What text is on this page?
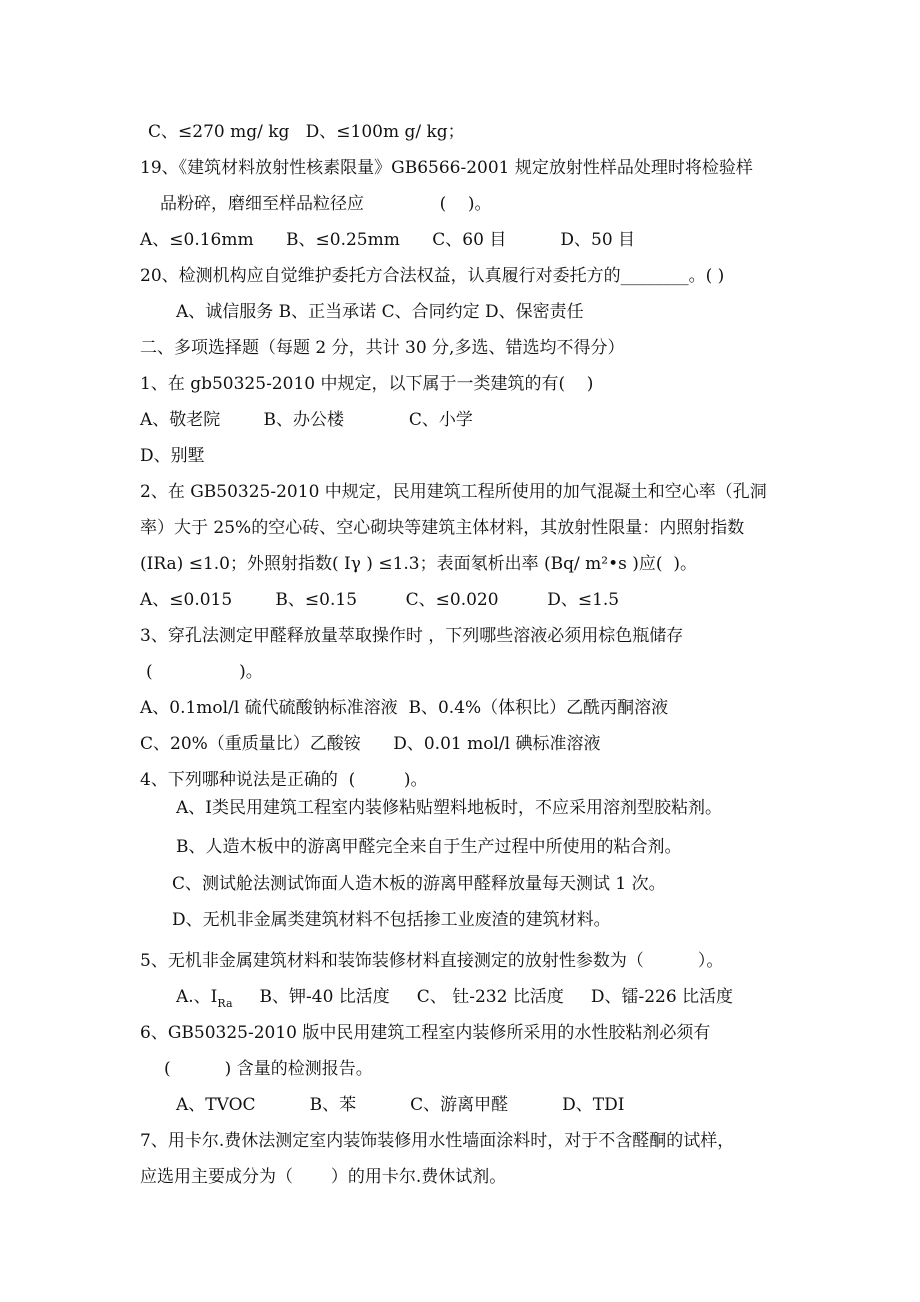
C、≤270 mg/ kg   D、≤100m g/ kg；
19、《建筑材料放射性核素限量》GB6566-2001 规定放射性样品处理时将检验样
品粉碎，磨细至样品粒径应              (    )。
A、≤0.16mm      B、≤0.25mm      C、60 目          D、50 目
20、检测机构应自觉维护委托方合法权益，认真履行对委托方的________。( )
A、诚信服务 B、正当承诺 C、合同约定 D、保密责任
二、多项选择题（每题 2 分，共计 30 分,多选、错选均不得分）
1、在 gb50325-2010 中规定，以下属于一类建筑的有(    )
A、敬老院        B、办公楼            C、小学
D、别墅
2、在 GB50325-2010 中规定，民用建筑工程所使用的加气混凝土和空心率（孔洞
率）大于 25%的空心砖、空心砌块等建筑主体材料，其放射性限量：内照射指数
(IRa) ≤1.0；外照射指数( Iγ ) ≤1.3；表面氡析出率 (Bq/ m²•s )应(  )。
A、≤0.015        B、≤0.15         C、≤0.020         D、≤1.5
3、穿孔法测定甲醛释放量萃取操作时 ，下列哪些溶液必须用棕色瓶储存
(                )。
A、0.1mol/l 硫代硫酸钠标准溶液  B、0.4%（体积比）乙酰丙酮溶液
C、20%（重质量比）乙酸铵      D、0.01 mol/l 碘标准溶液
4、下列哪种说法是正确的  (         )。
A、Ⅰ类民用建筑工程室内装修粘贴塑料地板时，不应采用溶剂型胶粘剂。
B、人造木板中的游离甲醛完全来自于生产过程中所使用的粘合剂。
C、测试舱法测试饰面人造木板的游离甲醛释放量每天测试 1 次。
D、无机非金属类建筑材料不包括掺工业废渣的建筑材料。
5、无机非金属建筑材料和装饰装修材料直接测定的放射性参数为（          ）。
A.、$I_{Ra}$     B、钾-40 比活度     C、 钍-232 比活度     D、镭-226 比活度
6、GB50325-2010 版中民用建筑工程室内装修所采用的水性胶粘剂必须有
(          ) 含量的检测报告。
A、TVOC          B、苯          C、游离甲醛          D、TDI
7、用卡尔.费休法测定室内装饰装修用水性墙面涂料时，对于不含醛酮的试样，
应选用主要成分为（       ）的用卡尔.费休试剂。
